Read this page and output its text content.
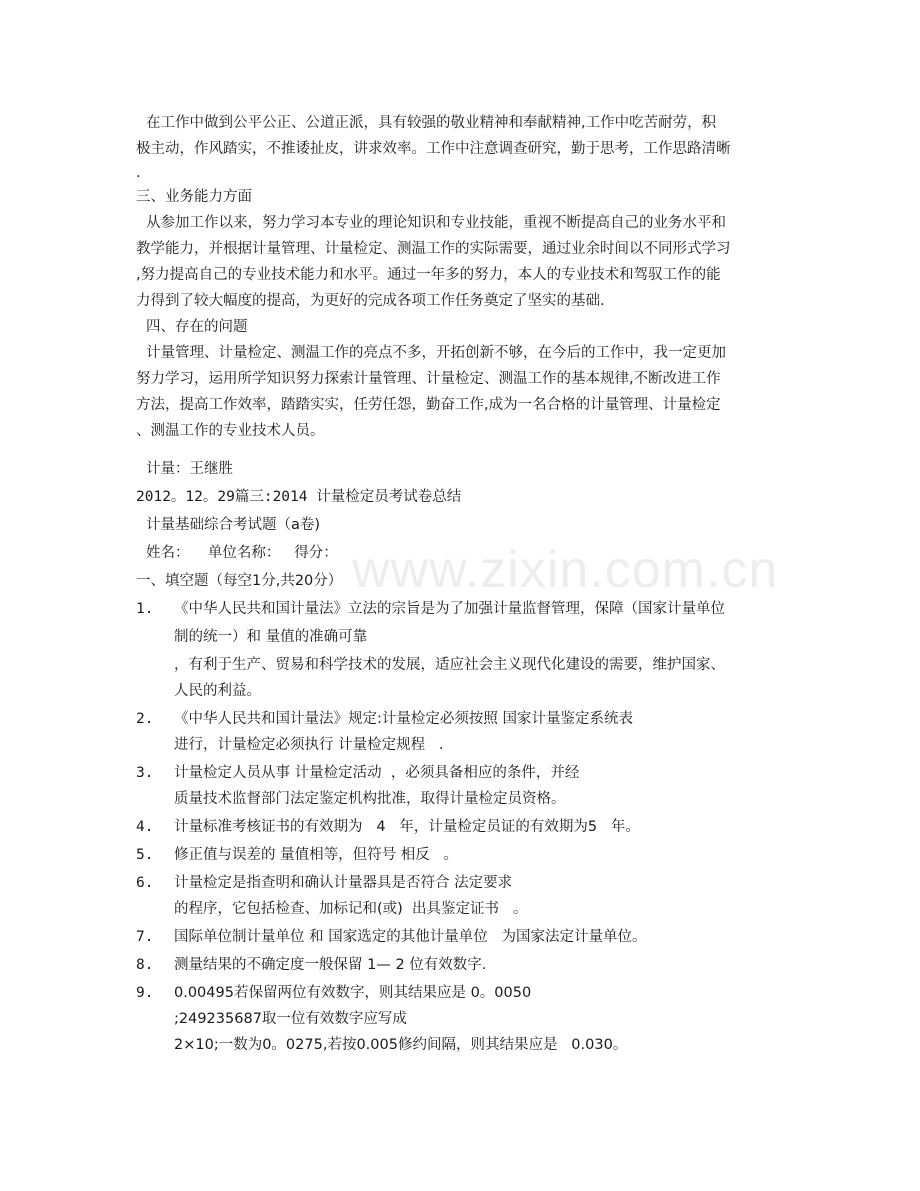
www.zixin.com.cn
在工作中做到公平公正、公道正派，具有较强的敬业精神和奉献精神,工作中吃苦耐劳，积
极主动，作风踏实，不推诿扯皮，讲求效率。工作中注意调查研究，勤于思考，工作思路清晰
.
三、业务能力方面
从参加工作以来，努力学习本专业的理论知识和专业技能，重视不断提高自己的业务水平和
教学能力，并根据计量管理、计量检定、测温工作的实际需要，通过业余时间以不同形式学习
,努力提高自己的专业技术能力和水平。通过一年多的努力，本人的专业技术和驾驭工作的能
力得到了较大幅度的提高，为更好的完成各项工作任务奠定了坚实的基础.
四、存在的问题
计量管理、计量检定、测温工作的亮点不多，开拓创新不够，在今后的工作中，我一定更加
努力学习，运用所学知识努力探索计量管理、计量检定、测温工作的基本规律,不断改进工作
方法，提高工作效率，踏踏实实，任劳任怨，勤奋工作,成为一名合格的计量管理、计量检定
、测温工作的专业技术人员。
计量：王继胜
2012。12。29篇三:2014 计量检定员考试卷总结
计量基础综合考试题（a卷)
姓名：    单位名称：   得分：
一、填空题（每空1分,共20分）
1. 《中华人民共和国计量法》立法的宗旨是为了加强计量监督管理，保障（国家计量单位
制的统一）和 量值的准确可靠
，有利于生产、贸易和科学技术的发展，适应社会主义现代化建设的需要，维护国家、
人民的利益。
2. 《中华人民共和国计量法》规定:计量检定必须按照 国家计量鉴定系统表
进行，计量检定必须执行 计量检定规程   .
3. 计量检定人员从事 计量检定活动  ，必须具备相应的条件，并经
质量技术监督部门法定鉴定机构批准，取得计量检定员资格。
4. 计量标准考核证书的有效期为   4   年，计量检定员证的有效期为5   年。
5. 修正值与误差的 量值相等，但符号 相反   。
6. 计量检定是指查明和确认计量器具是否符合 法定要求
的程序，它包括检查、加标记和(或)  出具鉴定证书   。
7. 国际单位制计量单位 和 国家选定的其他计量单位   为国家法定计量单位。
8. 测量结果的不确定度一般保留 1— 2 位有效数字.
9. 0.00495若保留两位有效数字，则其结果应是 0。0050
;249235687取一位有效数字应写成
2×10;一数为0。0275,若按0.005修约间隔，则其结果应是   0.030。
